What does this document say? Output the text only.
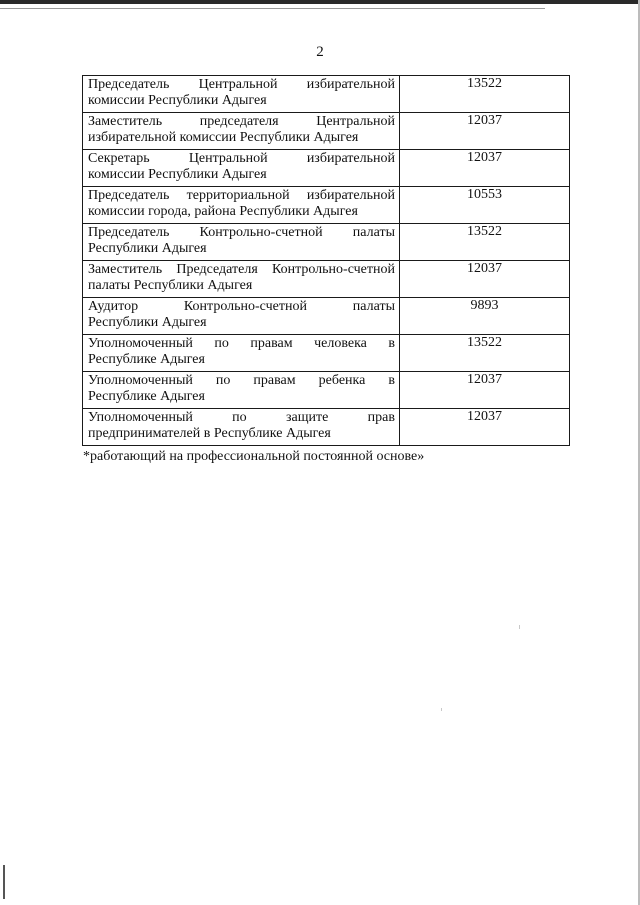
2
Председатель Центральной избирательной
комиссии Республики Адыгея	13522

Заместитель председателя Центральной
избирательной комиссии Республики Адыгея	12037

Секретарь Центральной избирательной
комиссии Республики Адыгея	12037

Председатель территориальной избирательной
комиссии города, района Республики Адыгея	10553

Председатель Контрольно-счетной палаты
Республики Адыгея	13522

Заместитель Председателя Контрольно-счетной
палаты Республики Адыгея	12037

Аудитор Контрольно-счетной палаты
Республики Адыгея	9893

Уполномоченный по правам человека в
Республике Адыгея	13522

Уполномоченный по правам ребенка в
Республике Адыгея	12037

Уполномоченный по защите прав
предпринимателей в Республике Адыгея	12037
*работающий на профессиональной постоянной основе»
